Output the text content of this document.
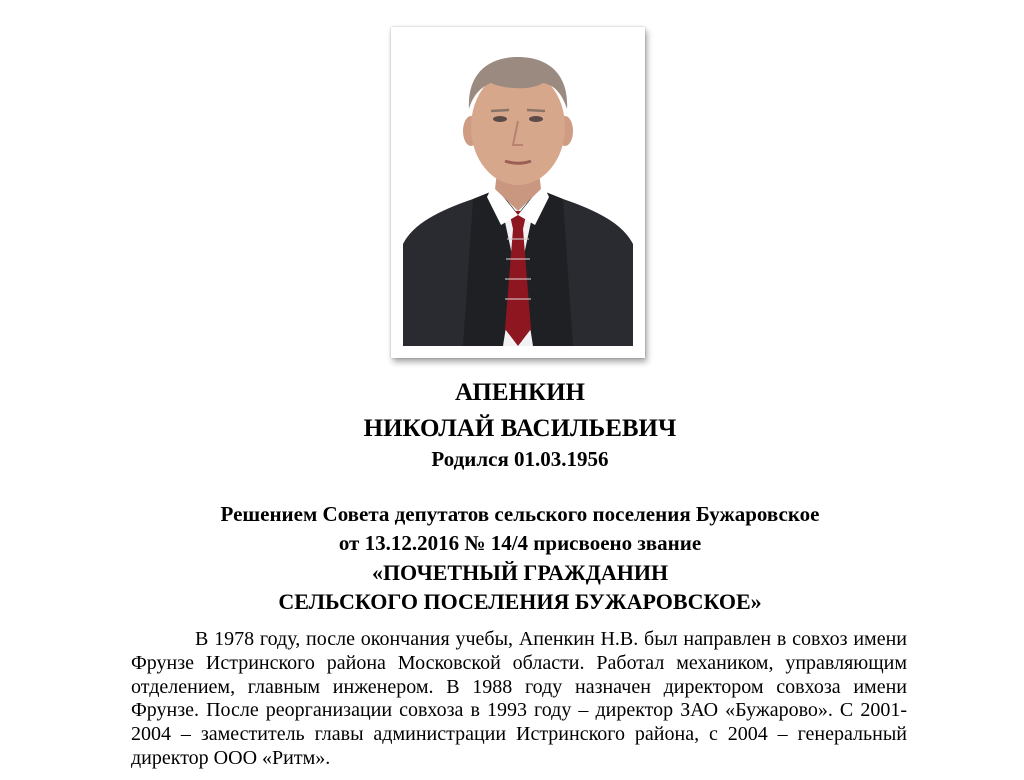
АПЕНКИН
НИКОЛАЙ ВАСИЛЬЕВИЧ
Родился 01.03.1956
Решением Совета депутатов сельского поселения Бужаровское
от 13.12.2016 № 14/4 присвоено звание
«ПОЧЕТНЫЙ ГРАЖДАНИН
СЕЛЬСКОГО ПОСЕЛЕНИЯ БУЖАРОВСКОЕ»
В 1978 году, после окончания учебы, Апенкин Н.В. был направлен в совхоз имени Фрунзе Истринского района Московской области. Работал механиком, управляющим отделением, главным инженером. В 1988 году назначен директором совхоза имени Фрунзе. После реорганизации совхоза в 1993 году – директор ЗАО «Бужарово». С 2001-2004 – заместитель главы администрации Истринского района, с 2004 – генеральный директор ООО «Ритм».
